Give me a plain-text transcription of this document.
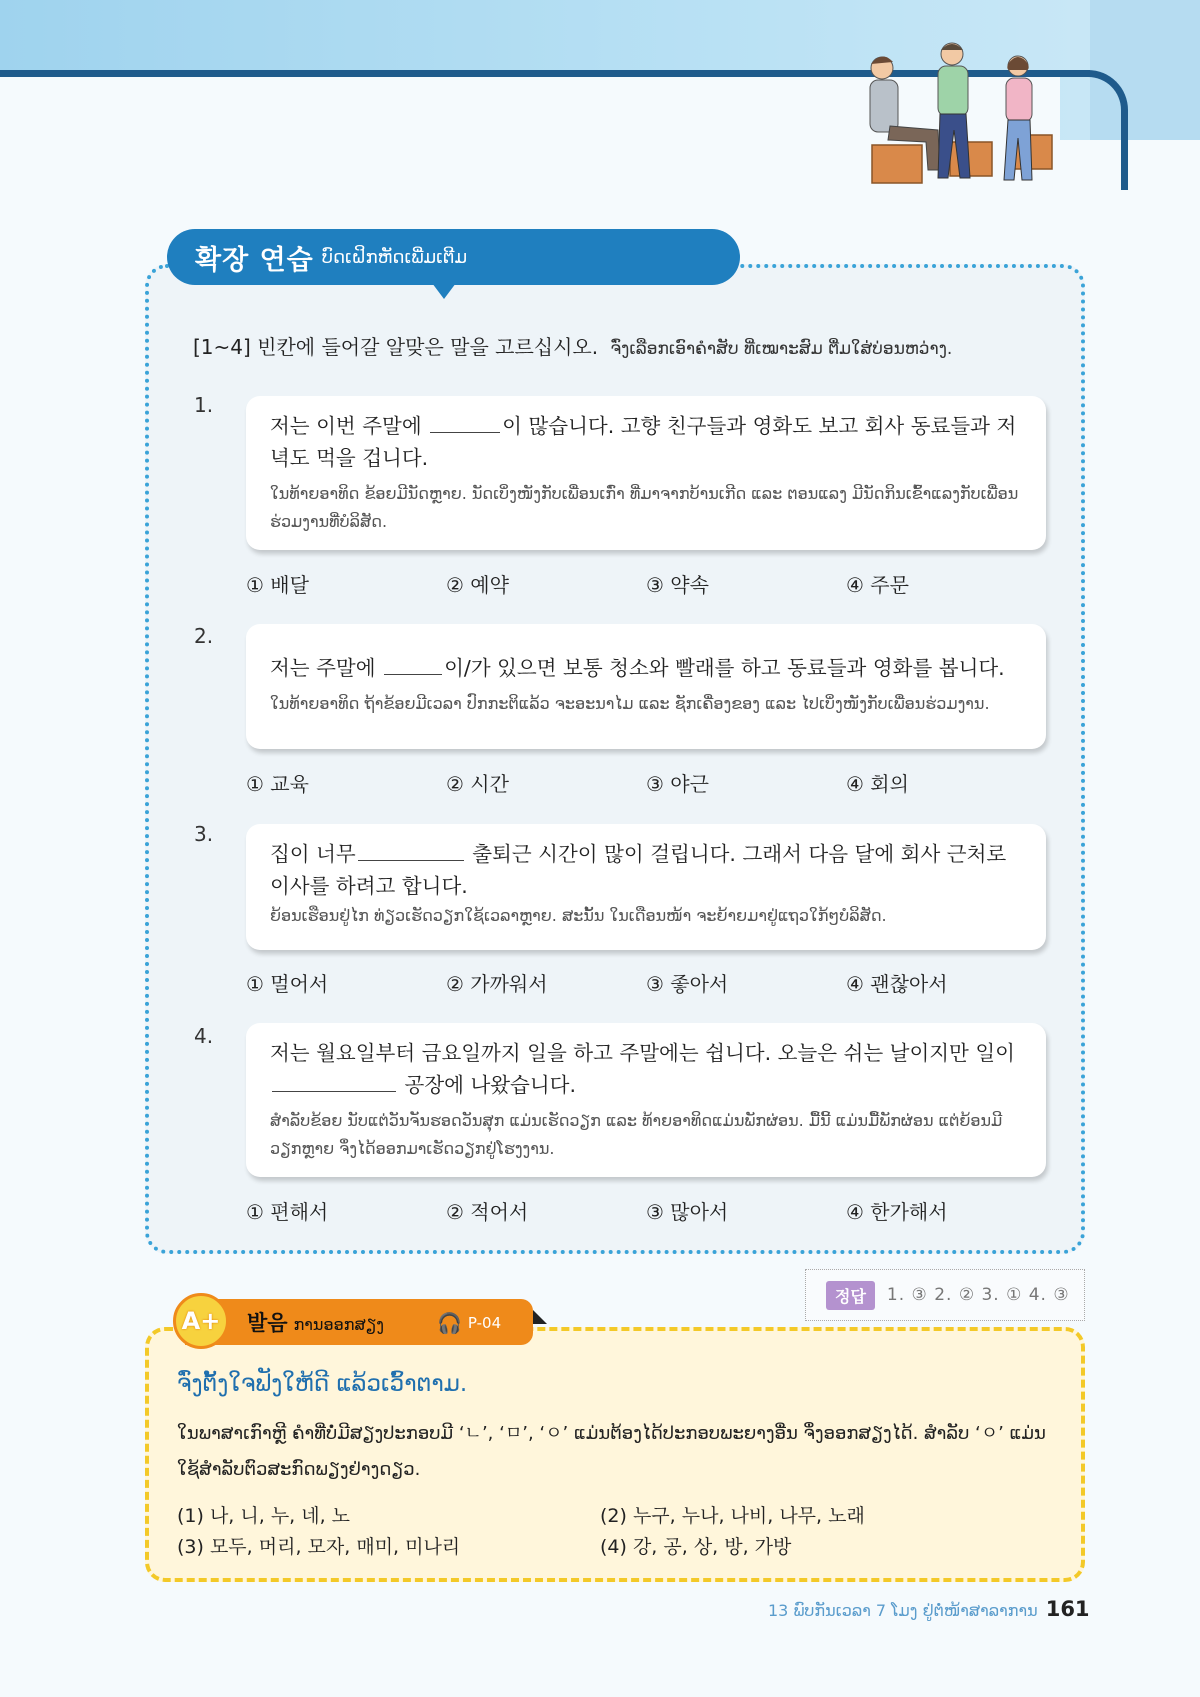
확장 연습 ບົດເຝິກຫັດເພີ່ມເຕີມ
[1~4] 빈칸에 들어갈 알맞은 말을 고르십시오. ຈົ່ງເລືອກເອົາຄຳສັບ ທີ່ເໝາະສົມ ຕື່ມໃສ່ບ່ອນຫວ່າງ.
1.
저는 이번 주말에	이 많습니다. 고향 친구들과 영화도 보고 회사 동료들과 저녁도 먹을 겁니다.
ໃນທ້າຍອາທິດ ຂ້ອຍມີນັດຫຼາຍ. ນັດເບິ່ງໜັງກັບເພື່ອນເກົ່າ ທີ່ມາຈາກບ້ານເກີດ ແລະ ຕອນແລງ ມີນັດກິນເຂົ້າແລງກັບເພື່ອນຮ່ວມງານທີ່ບໍລິສັດ.
① 배달	② 예약	③ 약속	④ 주문
2.
저는 주말에	이/가 있으면 보통 청소와 빨래를 하고 동료들과 영화를 봅니다.
ໃນທ້າຍອາທິດ ຖ້າຂ້ອຍມີເວລາ ປົກກະຕິແລ້ວ ຈະອະນາໄມ ແລະ ຊັກເຄື່ອງຂອງ ແລະ ໄປເບິ່ງໜັງກັບເພື່ອນຮ່ວມງານ.
① 교육	② 시간	③ 야근	④ 회의
3.
집이 너무	출퇴근 시간이 많이 걸립니다. 그래서 다음 달에 회사 근처로 이사를 하려고 합니다.
ຍ້ອນເຮືອນຢູ່ໄກ ທ່ຽວເຮັດວຽກໃຊ້ເວລາຫຼາຍ. ສະນັ້ນ ໃນເດືອນໜ້າ ຈະຍ້າຍມາຢູ່ແຖວໃກ້ໆບໍລິສັດ.
① 멀어서	② 가까워서	③ 좋아서	④ 괜찮아서
4.
저는 월요일부터 금요일까지 일을 하고 주말에는 쉽니다. 오늘은 쉬는 날이지만 일이  공장에 나왔습니다.
ສຳລັບຂ້ອຍ ນັບແຕ່ວັນຈັນຮອດວັນສຸກ ແມ່ນເຮັດວຽກ ແລະ ທ້າຍອາທິດແມ່ນພັກຜ່ອນ. ມື້ນີ້ ແມ່ນມື້ພັກຜ່ອນ ແຕ່ຍ້ອນມີວຽກຫຼາຍ ຈຶ່ງໄດ້ອອກມາເຮັດວຽກຢູ່ໂຮງງານ.
① 편해서	② 적어서	③ 많아서	④ 한가해서
정답	1. ③ 2. ② 3. ① 4. ③
A+ 발음 ການອອກສຽງ	🎧 P-04
ຈົ່ງຕັ້ງໃຈຟັງໃຫ້ດີ ແລ້ວເວົ້າຕາມ.
ໃນພາສາເກົາຫຼີ ຄຳທີ່ບໍ່ມີສຽງປະກອບມີ ‘ㄴ’, ‘ㅁ’, ‘ㅇ’ ແມ່ນຕ້ອງໄດ້ປະກອບພະຍາງອື່ນ ຈຶ່ງອອກສຽງໄດ້. ສຳລັບ ‘ㅇ’ ແມ່ນໃຊ້ສຳລັບຕົວສະກົດພຽງຢ່າງດຽວ.
(1) 나, 니, 누, 네, 노	(2) 누구, 누나, 나비, 나무, 노래
(3) 모두, 머리, 모자, 매미, 미나리	(4) 강, 공, 상, 방, 가방
13 ພົບກັນເວລາ 7 ໂມງ ຢູ່ຕໍ່ໜ້າສາລາການ 161
